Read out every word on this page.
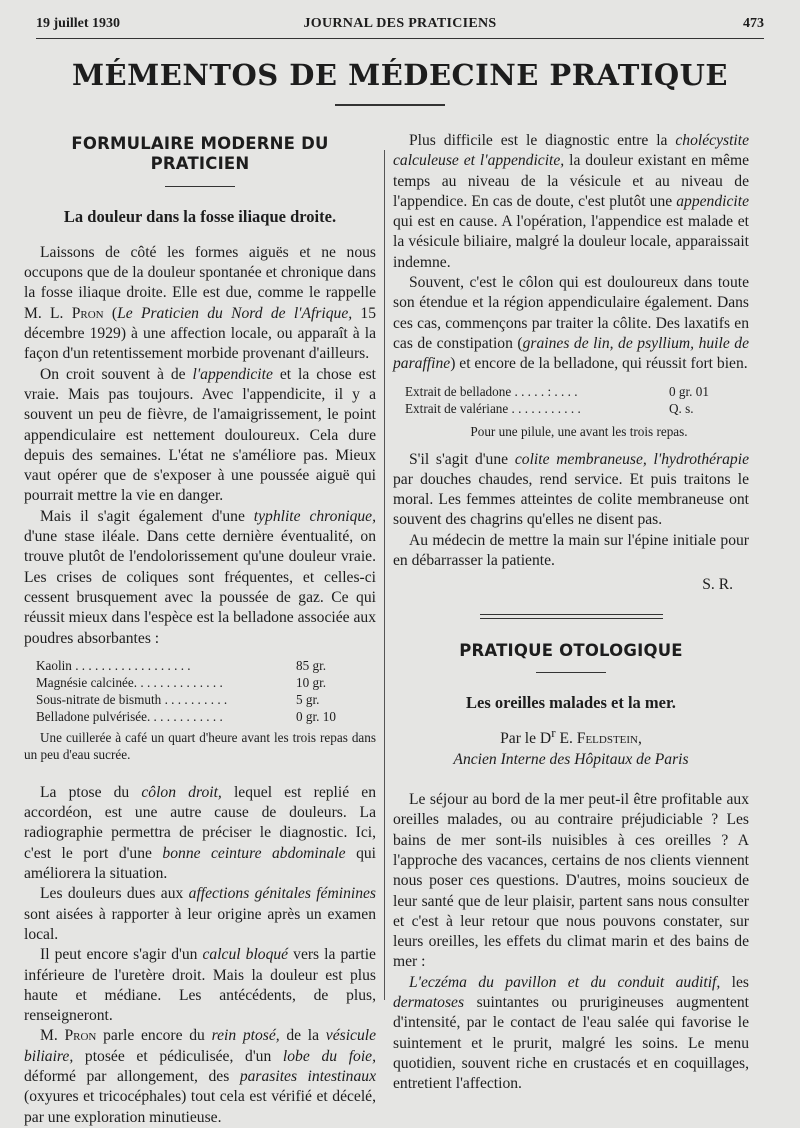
19 juillet 1930	JOURNAL DES PRATICIENS	473
MÉMENTOS DE MÉDECINE PRATIQUE
FORMULAIRE MODERNE DU PRATICIEN
La douleur dans la fosse iliaque droite.

Laissons de côté les formes aiguës et ne nous occupons que de la douleur spontanée et chronique dans la fosse iliaque droite. Elle est due, comme le rappelle M. L. Pron (Le Praticien du Nord de l'Afrique, 15 décembre 1929) à une affection locale, ou apparaît à la façon d'un retentissement morbide provenant d'ailleurs.

On croit souvent à de l'appendicite et la chose est vraie. Mais pas toujours. Avec l'appendicite, il y a souvent un peu de fièvre, de l'amaigrissement, le point appendiculaire est nettement douloureux. Cela dure depuis des semaines. L'état ne s'améliore pas. Mieux vaut opérer que de s'exposer à une poussée aiguë qui pourrait mettre la vie en danger.

Mais il s'agit également d'une typhlite chronique, d'une stase iléale. Dans cette dernière éventualité, on trouve plutôt de l'endolorissement qu'une douleur vraie. Les crises de coliques sont fréquentes, et celles-ci cessent brusquement avec la poussée de gaz. Ce qui réussit mieux dans l'espèce est la belladone associée aux poudres absorbantes :

Kaolin . . . . . . . . . . . . . . . . . .	85 gr.
Magnésie calcinée. . . . . . . . . . . . . .	10 gr.
Sous-nitrate de bismuth . . . . . . . . . .	5 gr.
Belladone pulvérisée. . . . . . . . . . . .	0 gr. 10

Une cuillerée à café un quart d'heure avant les trois repas dans un peu d'eau sucrée.

La ptose du côlon droit, lequel est replié en accordéon, est une autre cause de douleurs. La radiographie permettra de préciser le diagnostic. Ici, c'est le port d'une bonne ceinture abdominale qui améliorera la situation.

Les douleurs dues aux affections génitales féminines sont aisées à rapporter à leur origine après un examen local.

Il peut encore s'agir d'un calcul bloqué vers la partie inférieure de l'uretère droit. Mais la douleur est plus haute et médiane. Les antécédents, de plus, renseigneront.

M. Pron parle encore du rein ptosé, de la vésicule biliaire, ptosée et pédiculisée, d'un lobe du foie, déformé par allongement, des parasites intestinaux (oxyures et tricocéphales) tout cela est vérifié et décelé, par une exploration minutieuse.

Plus difficile est le diagnostic entre la cholécystite calculeuse et l'appendicite, la douleur existant en même temps au niveau de la vésicule et au niveau de l'appendice. En cas de doute, c'est plutôt une appendicite qui est en cause. A l'opération, l'appendice est malade et la vésicule biliaire, malgré la douleur locale, apparaissait indemne.

Souvent, c'est le côlon qui est douloureux dans toute son étendue et la région appendiculaire également. Dans ces cas, commençons par traiter la côlite. Des laxatifs en cas de constipation (graines de lin, de psyllium, huile de paraffine) et encore de la belladone, qui réussit fort bien.

Extrait de belladone . . . . . : . . . .	0 gr. 01
Extrait de valériane . . . . . . . . . . .	Q. s.

Pour une pilule, une avant les trois repas.

S'il s'agit d'une colite membraneuse, l'hydrothérapie par douches chaudes, rend service. Et puis traitons le moral. Les femmes atteintes de colite membraneuse ont souvent des chagrins qu'elles ne disent pas.

Au médecin de mettre la main sur l'épine initiale pour en débarrasser la patiente.

S. R.
PRATIQUE OTOLOGIQUE
Les oreilles malades et la mer.

Par le $D^r$ E. Feldstein,

Ancien Interne des Hôpitaux de Paris

Le séjour au bord de la mer peut-il être profitable aux oreilles malades, ou au contraire préjudiciable ? Les bains de mer sont-ils nuisibles à ces oreilles ? A l'approche des vacances, certains de nos clients viennent nous poser ces questions. D'autres, moins soucieux de leur santé que de leur plaisir, partent sans nous consulter et c'est à leur retour que nous pouvons constater, sur leurs oreilles, les effets du climat marin et des bains de mer :

L'eczéma du pavillon et du conduit auditif, les dermatoses suintantes ou prurigineuses augmentent d'intensité, par le contact de l'eau salée qui favorise le suintement et le prurit, malgré les soins. Le menu quotidien, souvent riche en crustacés et en coquillages, entretient l'affection.
